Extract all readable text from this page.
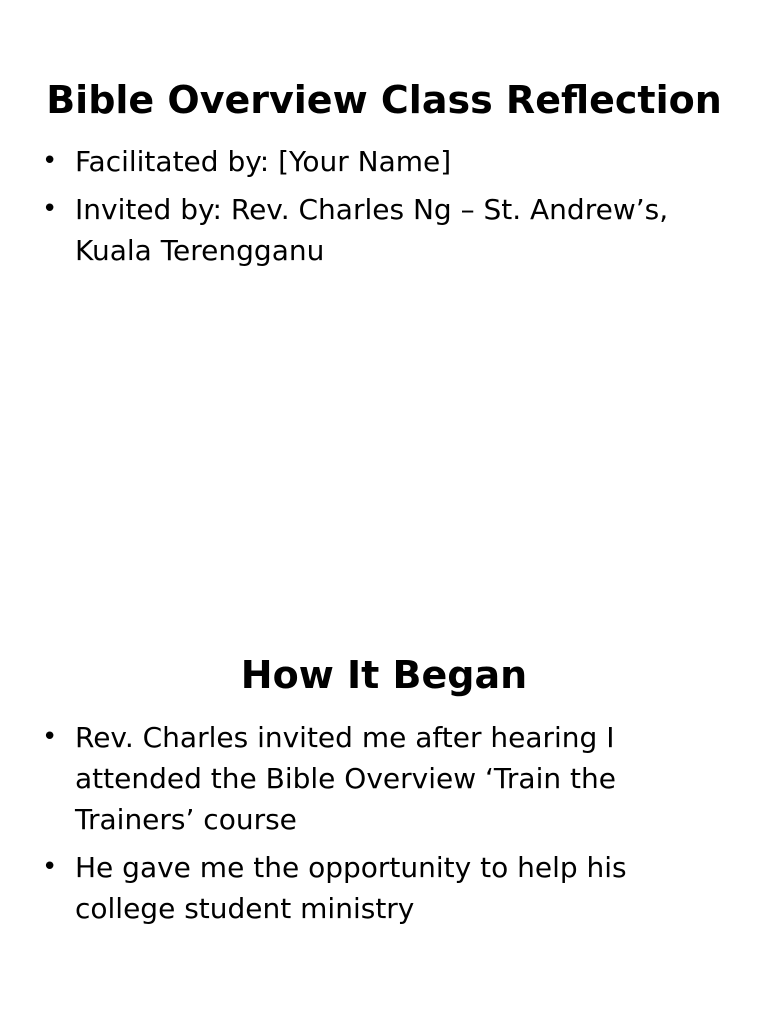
Bible Overview Class Reflection
• Facilitated by: [Your Name]
• Invited by: Rev. Charles Ng – St. Andrew’s, Kuala Terengganu
How It Began
• Rev. Charles invited me after hearing I attended the Bible Overview ‘Train the Trainers’ course
• He gave me the opportunity to help his college student ministry
